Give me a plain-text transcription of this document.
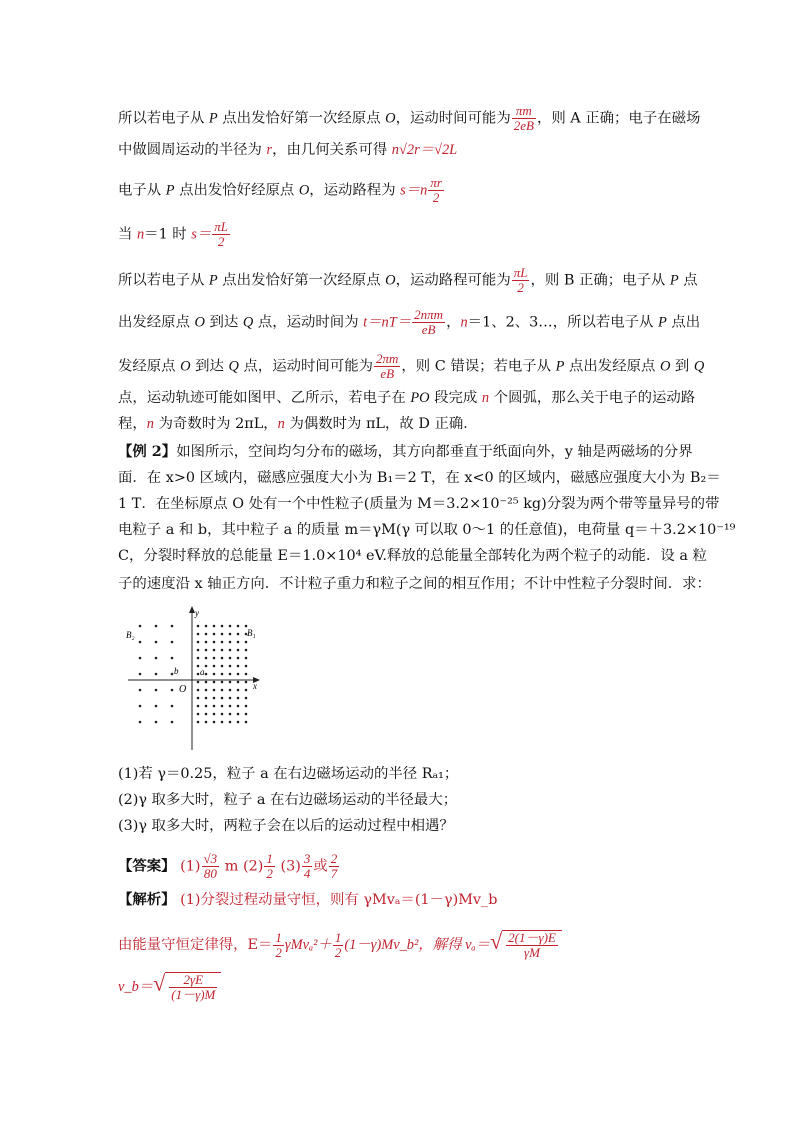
所以若电子从 P 点出发恰好第一次经原点 O，运动时间可能为 $\frac{\pi m}{2eB}$ ，则 A 正确；电子在磁场
中做圆周运动的半径为 r，由几何关系可得 n√2r＝√2L
电子从 P 点出发恰好经原点 O，运动路程为 $s=n \frac{\pi r}{2}$
当 n＝1 时 $s= \frac{\pi L}{2}$
所以若电子从 P 点出发恰好第一次经原点 O，运动路程可能为 $\frac{\pi L}{2}$ ，则 B 正确；电子从 P 点
出发经原点 O 到达 Q 点，运动时间为 $t=nT= \frac{\text{2nπm}}{eB}$ ，n＝1、2、3…，所以若电子从 P 点出
发经原点 O 到达 Q 点，运动时间可能为 $\frac{2\pi m}{eB}$ ，则 C 错误；若电子从 P 点出发经原点 O 到 Q
点，运动轨迹可能如图甲、乙所示，若电子在 PO 段完成 n 个圆弧，那么关于电子的运动路
程，n 为奇数时为 2πL，n 为偶数时为 πL，故 D 正确．
【例 2】如图所示，空间均匀分布的磁场，其方向都垂直于纸面向外，y 轴是两磁场的分界
面．在 x>0 区域内，磁感应强度大小为 B₁＝2 T，在 x<0 的区域内，磁感应强度大小为 B₂＝
1 T．在坐标原点 O 处有一个中性粒子(质量为 M＝3.2×10⁻²⁵ kg)分裂为两个带等量异号的带
电粒子 a 和 b，其中粒子 a 的质量 m＝γM(γ 可以取 0～1 的任意值)，电荷量 q＝＋3.2×10⁻¹⁹
C，分裂时释放的总能量 E＝1.0×10⁴ eV.释放的总能量全部转化为两个粒子的动能．设 a 粒
子的速度沿 x 轴正方向．不计粒子重力和粒子之间的相互作用；不计中性粒子分裂时间．求：
y
x
O
B₁
B₂
a
b
(1)若 γ＝0.25，粒子 a 在右边磁场运动的半径 Rₐ₁；
(2)γ 取多大时，粒子 a 在右边磁场运动的半径最大；
(3)γ 取多大时，两粒子会在以后的运动过程中相遇？
【答案】 $(1) \frac{√3}{80}$ m $(2) \frac{1}{2} (3) \frac{3}{4}$ 或 $\frac{2}{7}$
【解析】 (1)分裂过程动量守恒，则有 γMvₐ＝(1－γ)Mv_b
由能量守恒定律得，$E= \frac{1}{2} \gamma Mv_a^2+ \frac{1}{2}$ (1－γ)Mv_b²，解得 $v_a=√ \frac{2(1-\gamma)E}{\gamma M}$
v_b＝√ $\frac{2\gamma E}{(1-\gamma)M}$
